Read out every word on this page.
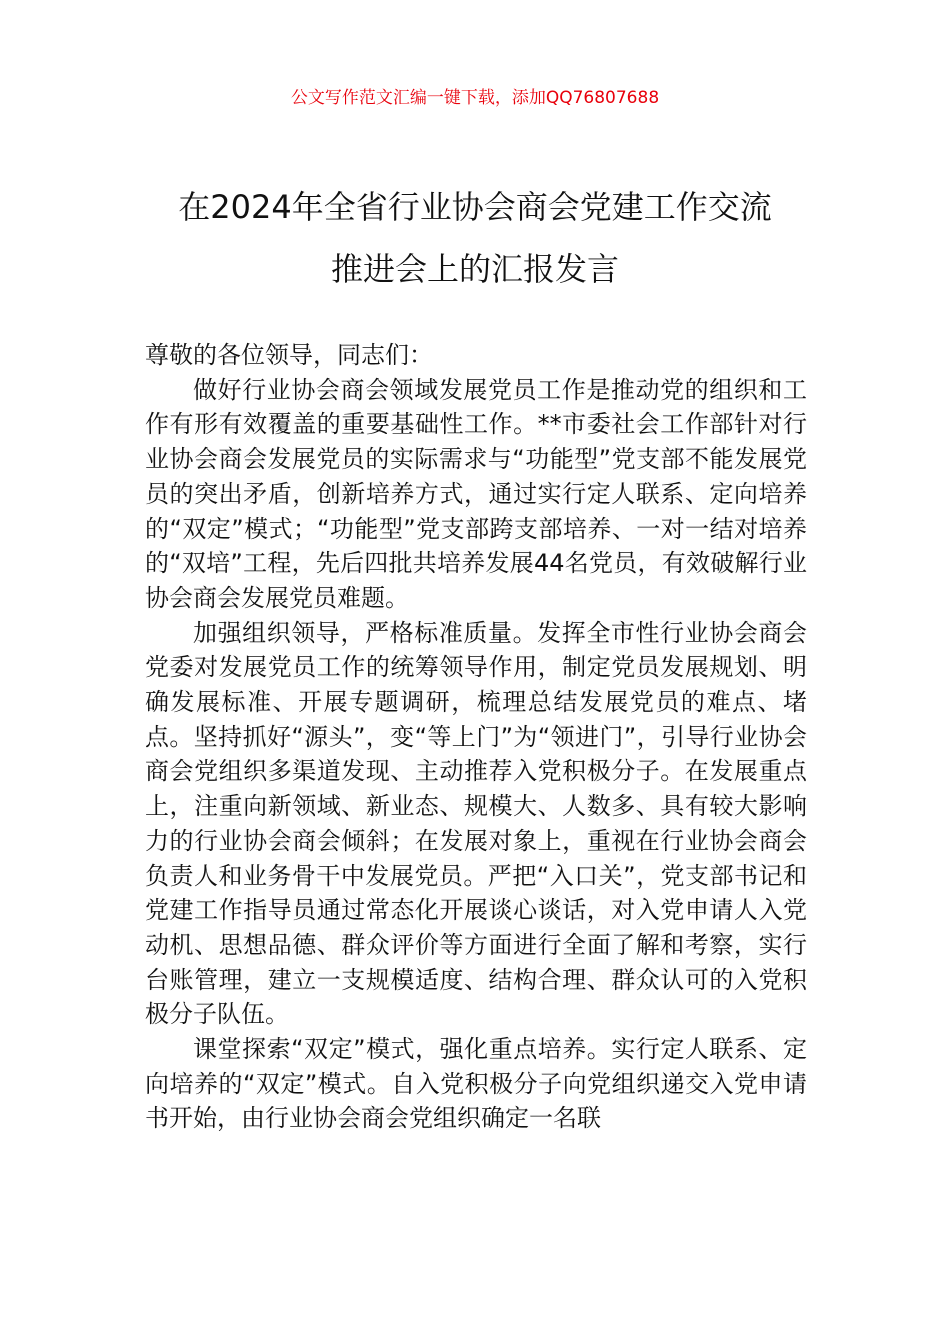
公文写作范文汇编一键下载，添加QQ76807688
在2024年全省行业协会商会党建工作交流
推进会上的汇报发言

尊敬的各位领导，同志们：

做好行业协会商会领域发展党员工作是推动党的组织和工作有形有效覆盖的重要基础性工作。**市委社会工作部针对行业协会商会发展党员的实际需求与“功能型”党支部不能发展党员的突出矛盾，创新培养方式，通过实行定人联系、定向培养的“双定”模式；“功能型”党支部跨支部培养、一对一结对培养的“双培”工程，先后四批共培养发展44名党员，有效破解行业协会商会发展党员难题。

加强组织领导，严格标准质量。发挥全市性行业协会商会党委对发展党员工作的统筹领导作用，制定党员发展规划、明确发展标准、开展专题调研，梳理总结发展党员的难点、堵点。坚持抓好“源头”，变“等上门”为“领进门”，引导行业协会商会党组织多渠道发现、主动推荐入党积极分子。在发展重点上，注重向新领域、新业态、规模大、人数多、具有较大影响力的行业协会商会倾斜；在发展对象上，重视在行业协会商会负责人和业务骨干中发展党员。严把“入口关”，党支部书记和党建工作指导员通过常态化开展谈心谈话，对入党申请人入党动机、思想品德、群众评价等方面进行全面了解和考察，实行台账管理，建立一支规模适度、结构合理、群众认可的入党积极分子队伍。

课堂探索“双定”模式，强化重点培养。实行定人联系、定向培养的“双定”模式。自入党积极分子向党组织递交入党申请书开始，由行业协会商会党组织确定一名联
